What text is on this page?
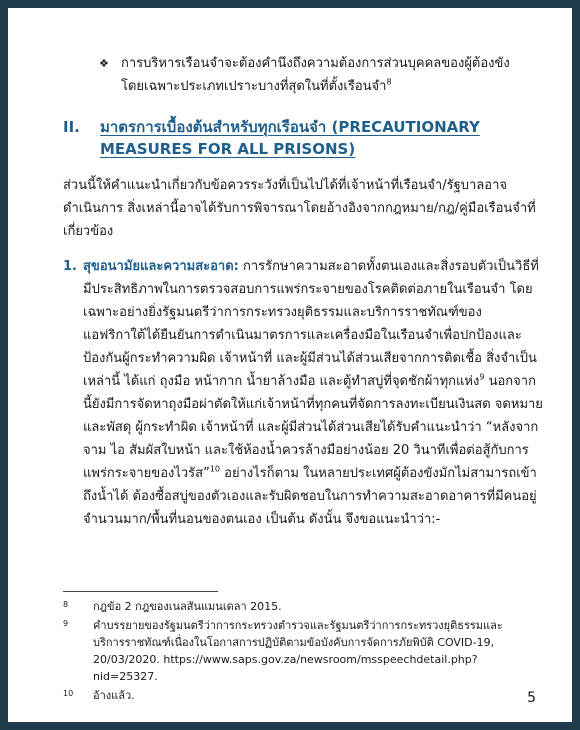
❖ การบริหารเรือนจำจะต้องคำนึงถึงความต้องการส่วนบุคคลของผู้ต้องขัง
โดยเฉพาะประเภทเปราะบางที่สุดในที่ตั้งเรือนจำ$^8$
II.	มาตรการเบื้องต้นสำหรับทุกเรือนจำ (PRECAUTIONARY MEASURES FOR ALL PRISONS)

ส่วนนี้ให้คำแนะนำเกี่ยวกับข้อควรระวังที่เป็นไปได้ที่เจ้าหน้าที่เรือนจำ/รัฐบาลอาจดำเนินการ สิ่งเหล่านี้อาจได้รับการพิจารณาโดยอ้างอิงจากกฎหมาย/กฎ/คู่มือเรือนจำที่เกี่ยวข้อง

1. สุขอนามัยและความสะอาด: การรักษาความสะอาดทั้งตนเองและสิ่งรอบตัวเป็นวิธีที่มีประสิทธิภาพในการตรวจสอบการแพร่กระจายของโรคติดต่อภายในเรือนจำ โดยเฉพาะอย่างยิ่งรัฐมนตรีว่าการกระทรวงยุติธรรมและบริการราชทัณฑ์ของแอฟริกาใต้ได้ยืนยันการดำเนินมาตรการและเครื่องมือในเรือนจำเพื่อปกป้องและป้องกันผู้กระทำความผิด เจ้าหน้าที่ และผู้มีส่วนได้ส่วนเสียจากการติดเชื้อ สิ่งจำเป็นเหล่านี้ ได้แก่ ถุงมือ หน้ากาก น้ำยาล้างมือ และตู้ทำสบู่ที่จุดชักผ้าทุกแห่ง$^9$ นอกจากนี้ยังมีการจัดหาถุงมือผ่าตัดให้แก่เจ้าหน้าที่ทุกคนที่จัดการลงทะเบียนเงินสด จดหมาย และพัสดุ ผู้กระทำผิด เจ้าหน้าที่ และผู้มีส่วนได้ส่วนเสียได้รับคำแนะนำว่า “หลังจากจาม ไอ สัมผัสใบหน้า และใช้ห้องน้ำควรล้างมือย่างน้อย 20 วินาทีเพื่อต่อสู้กับการแพร่กระจายของไวรัส”$^{10}$ อย่างไรก็ตาม ในหลายประเทศผู้ต้องขังมักไม่สามารถเข้าถึงน้ำได้ ต้องซื้อสบู่ของตัวเองและรับผิดชอบในการทำความสะอาดอาคารที่มีคนอยู่จำนวนมาก/พื้นที่นอนของตนเอง เป็นต้น ดังนั้น จึงขอแนะนำว่า:-
8	กฎข้อ 2 กฎของเนลสันแมนเดลา 2015.
9	คำบรรยายของรัฐมนตรีว่าการกระทรวงตำรวจและรัฐมนตรีว่าการกระทรวงยุติธรรมและบริการราชทัณฑ์เนื่องในโอกาสการปฏิบัติตามข้อบังคับการจัดการภัยพิบัติ COVID-19, 20/03/2020. https://www.saps.gov.za/newsroom/msspeechdetail.php?nid=25327.
10	อ้างแล้ว.	5
